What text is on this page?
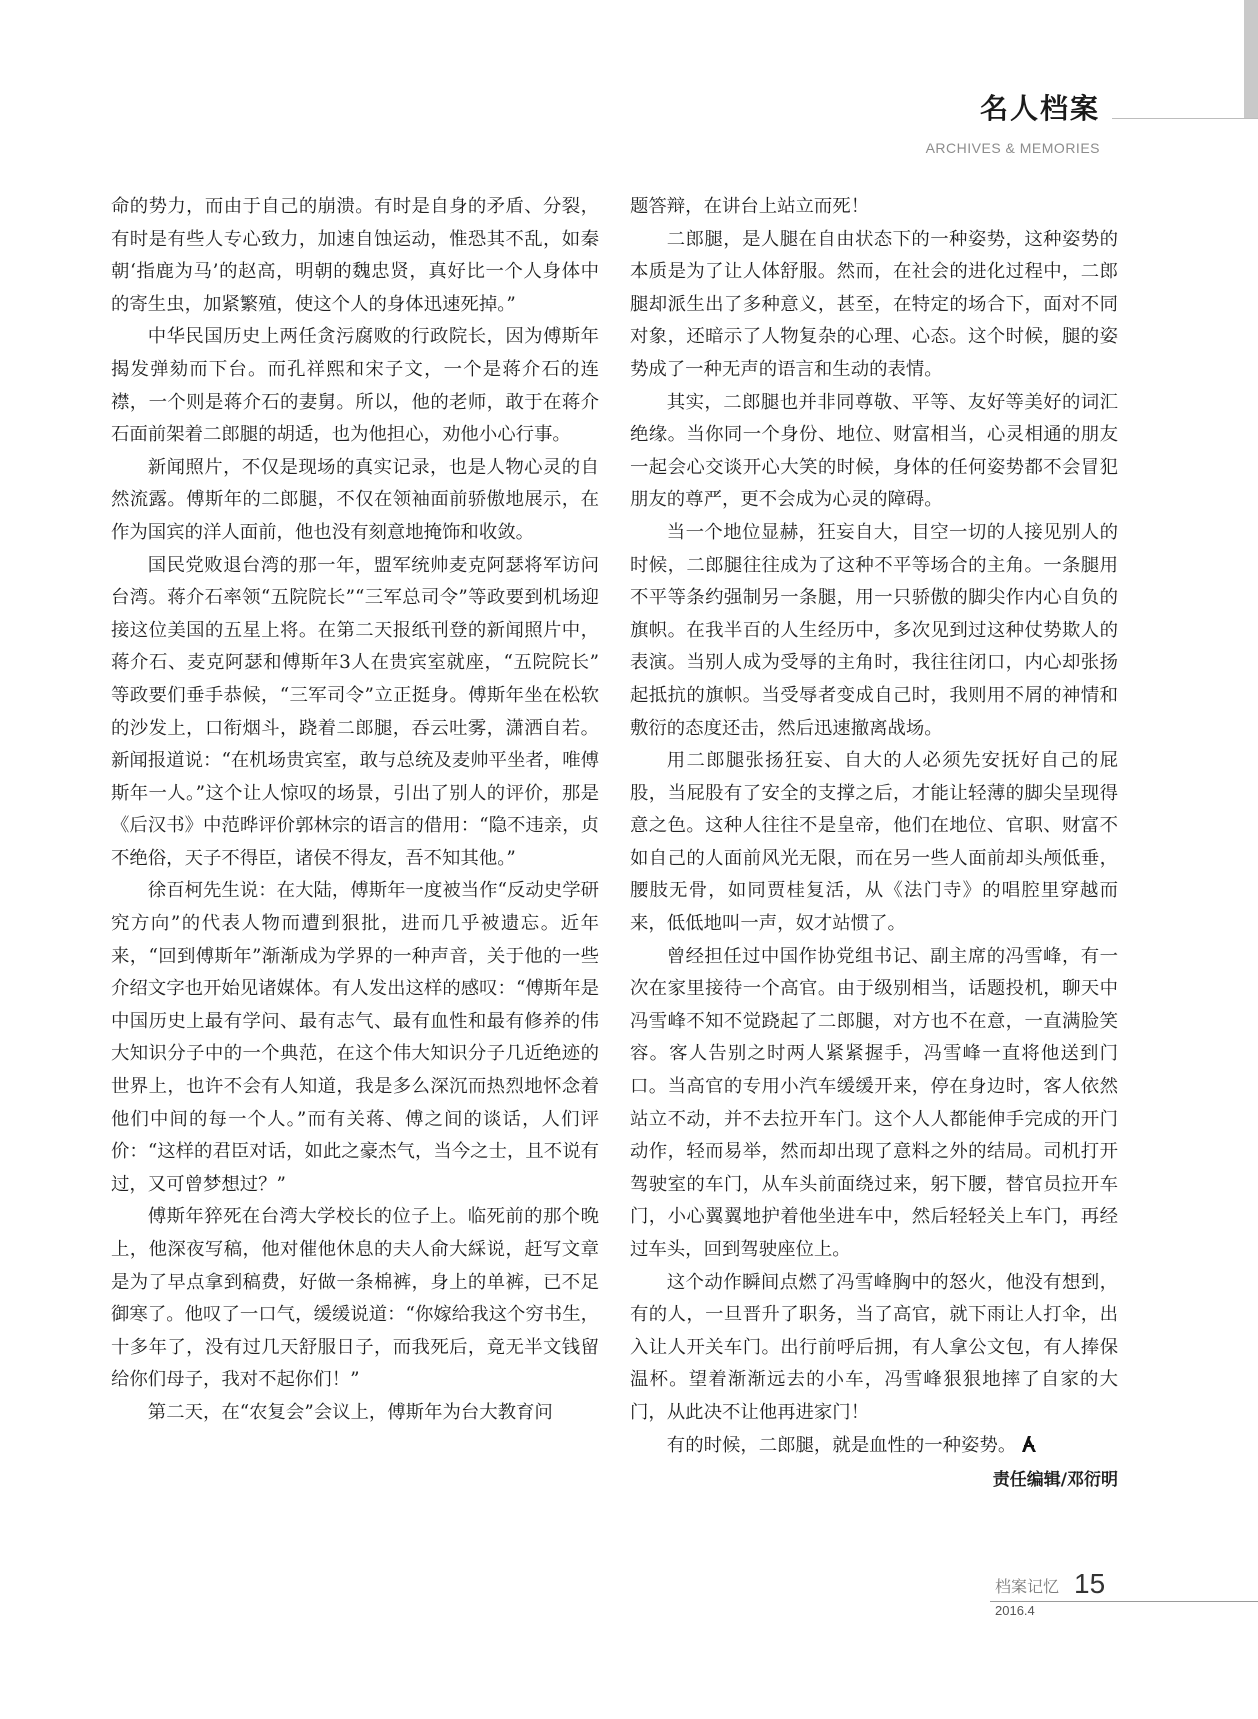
名人档案
ARCHIVES & MEMORIES

命的势力，而由于自己的崩溃。有时是自身的矛盾、分裂，有时是有些人专心致力，加速自蚀运动，惟恐其不乱，如秦朝‘指鹿为马’的赵高，明朝的魏忠贤，真好比一个人身体中的寄生虫，加紧繁殖，使这个人的身体迅速死掉。”

中华民国历史上两任贪污腐败的行政院长，因为傅斯年揭发弹劾而下台。而孔祥熙和宋子文，一个是蒋介石的连襟，一个则是蒋介石的妻舅。所以，他的老师，敢于在蒋介石面前架着二郎腿的胡适，也为他担心，劝他小心行事。

新闻照片，不仅是现场的真实记录，也是人物心灵的自然流露。傅斯年的二郎腿，不仅在领袖面前骄傲地展示，在作为国宾的洋人面前，他也没有刻意地掩饰和收敛。

国民党败退台湾的那一年，盟军统帅麦克阿瑟将军访问台湾。蒋介石率领“五院院长”“三军总司令”等政要到机场迎接这位美国的五星上将。在第二天报纸刊登的新闻照片中，蒋介石、麦克阿瑟和傅斯年3人在贵宾室就座，“五院院长” 等政要们垂手恭候，“三军司令”立正挺身。傅斯年坐在松软的沙发上，口衔烟斗，跷着二郎腿，吞云吐雾，潇洒自若。新闻报道说：“在机场贵宾室，敢与总统及麦帅平坐者，唯傅斯年一人。”这个让人惊叹的场景，引出了别人的评价，那是《后汉书》中范晔评价郭林宗的语言的借用：“隐不违亲，贞不绝俗，天子不得臣，诸侯不得友，吾不知其他。”

徐百柯先生说：在大陆，傅斯年一度被当作“反动史学研究方向”的代表人物而遭到狠批，进而几乎被遗忘。近年来，“回到傅斯年”渐渐成为学界的一种声音，关于他的一些介绍文字也开始见诸媒体。有人发出这样的感叹：“傅斯年是中国历史上最有学问、最有志气、最有血性和最有修养的伟大知识分子中的一个典范，在这个伟大知识分子几近绝迹的世界上，也许不会有人知道，我是多么深沉而热烈地怀念着他们中间的每一个人。”而有关蒋、傅之间的谈话，人们评价：“这样的君臣对话，如此之豪杰气，当今之士，且不说有过，又可曾梦想过？”

傅斯年猝死在台湾大学校长的位子上。临死前的那个晚上，他深夜写稿，他对催他休息的夫人俞大綵说，赶写文章是为了早点拿到稿费，好做一条棉裤，身上的单裤，已不足御寒了。他叹了一口气，缓缓说道：“你嫁给我这个穷书生，十多年了，没有过几天舒服日子，而我死后，竟无半文钱留给你们母子，我对不起你们！”

第二天，在“农复会”会议上，傅斯年为台大教育问

题答辩，在讲台上站立而死！

二郎腿，是人腿在自由状态下的一种姿势，这种姿势的本质是为了让人体舒服。然而，在社会的进化过程中，二郎腿却派生出了多种意义，甚至，在特定的场合下，面对不同对象，还暗示了人物复杂的心理、心态。这个时候，腿的姿势成了一种无声的语言和生动的表情。

其实，二郎腿也并非同尊敬、平等、友好等美好的词汇绝缘。当你同一个身份、地位、财富相当，心灵相通的朋友一起会心交谈开心大笑的时候，身体的任何姿势都不会冒犯朋友的尊严，更不会成为心灵的障碍。

当一个地位显赫，狂妄自大，目空一切的人接见别人的时候，二郎腿往往成为了这种不平等场合的主角。一条腿用不平等条约强制另一条腿，用一只骄傲的脚尖作内心自负的旗帜。在我半百的人生经历中，多次见到过这种仗势欺人的表演。当别人成为受辱的主角时，我往往闭口，内心却张扬起抵抗的旗帜。当受辱者变成自己时，我则用不屑的神情和敷衍的态度还击，然后迅速撤离战场。

用二郎腿张扬狂妄、自大的人必须先安抚好自己的屁股，当屁股有了安全的支撑之后，才能让轻薄的脚尖呈现得意之色。这种人往往不是皇帝，他们在地位、官职、财富不如自己的人面前风光无限，而在另一些人面前却头颅低垂，腰肢无骨，如同贾桂复活，从《法门寺》的唱腔里穿越而来，低低地叫一声，奴才站惯了。

曾经担任过中国作协党组书记、副主席的冯雪峰，有一次在家里接待一个高官。由于级别相当，话题投机，聊天中冯雪峰不知不觉跷起了二郎腿，对方也不在意，一直满脸笑容。客人告别之时两人紧紧握手，冯雪峰一直将他送到门口。当高官的专用小汽车缓缓开来，停在身边时，客人依然站立不动，并不去拉开车门。这个人人都能伸手完成的开门动作，轻而易举，然而却出现了意料之外的结局。司机打开驾驶室的车门，从车头前面绕过来，躬下腰，替官员拉开车门，小心翼翼地护着他坐进车中，然后轻轻关上车门，再经过车头，回到驾驶座位上。

这个动作瞬间点燃了冯雪峰胸中的怒火，他没有想到，有的人，一旦晋升了职务，当了高官，就下雨让人打伞，出入让人开关车门。出行前呼后拥，有人拿公文包，有人捧保温杯。望着渐渐远去的小车，冯雪峰狠狠地摔了自家的大门，从此决不让他再进家门！

有的时候，二郎腿，就是血性的一种姿势。

责任编辑/邓衍明
档案记忆 15
2016.4
